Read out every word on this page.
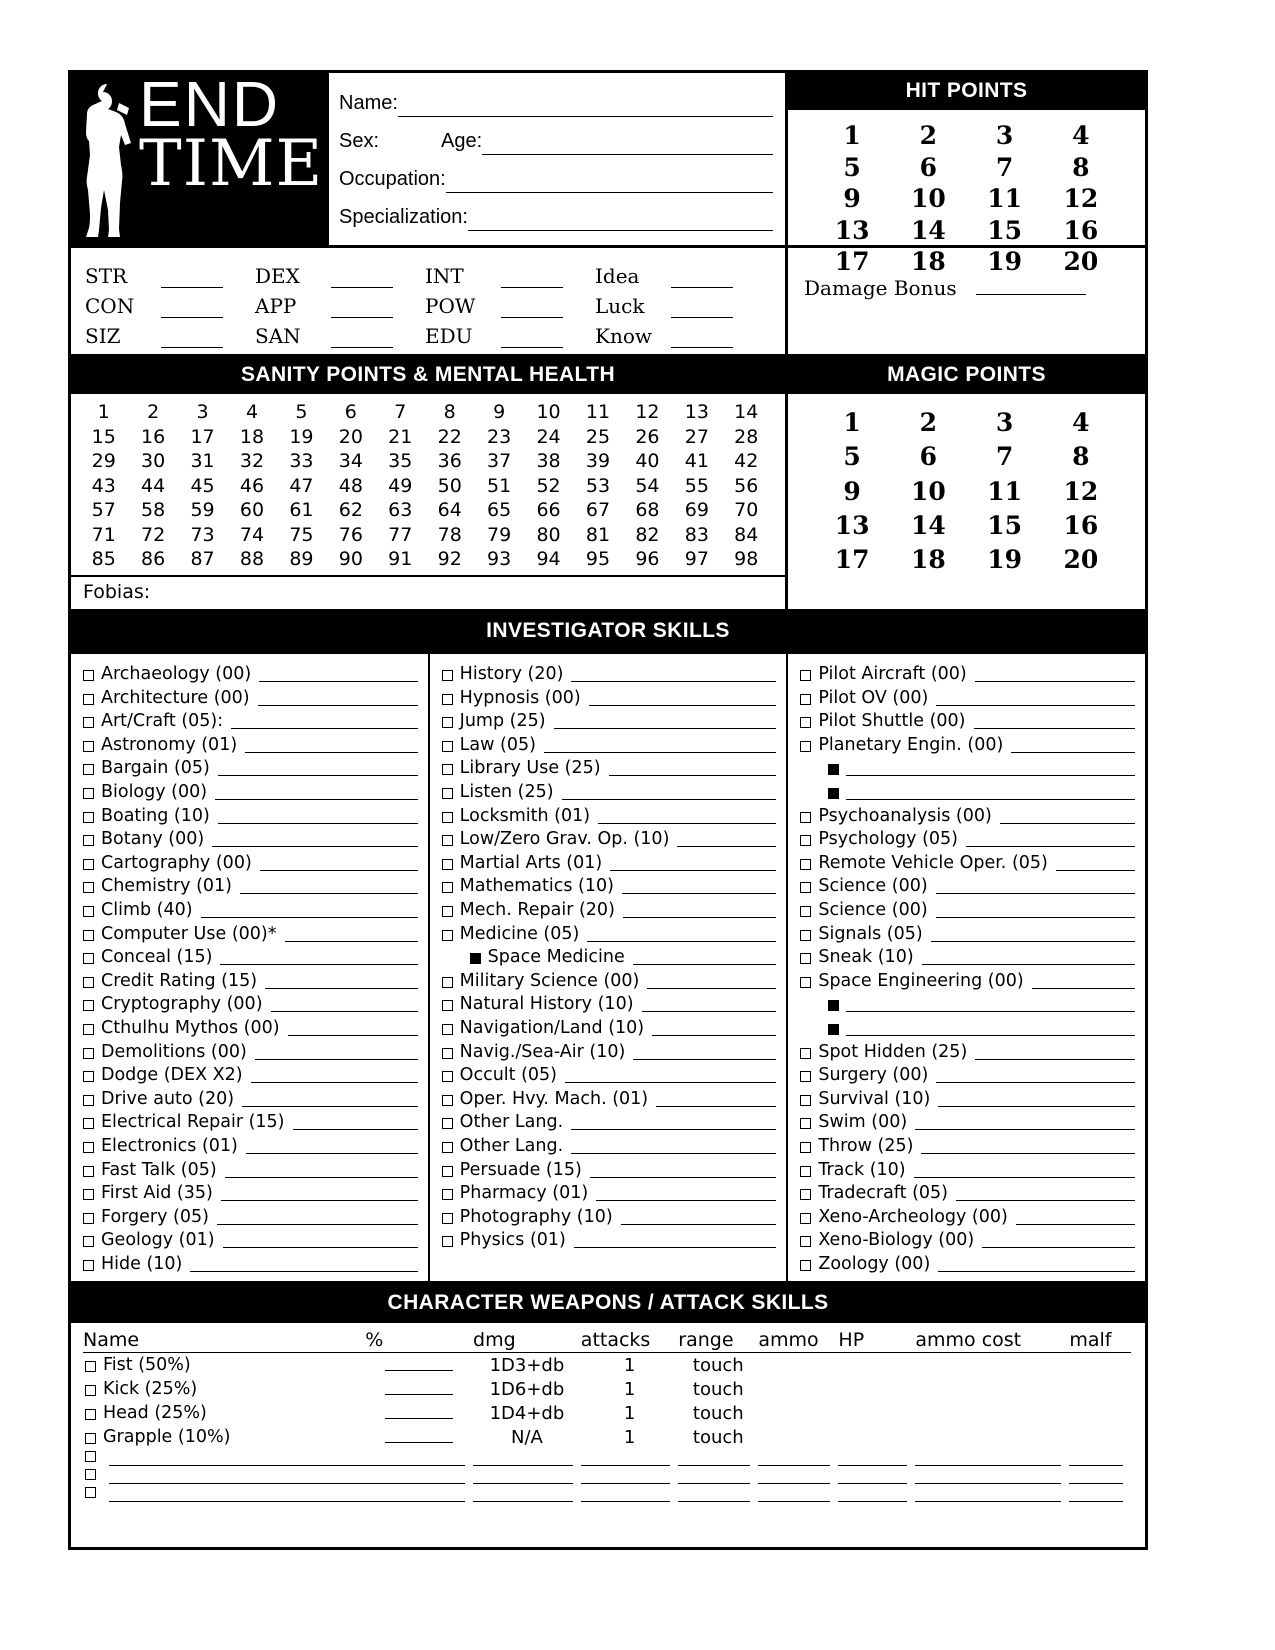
END
TIME
Name:
Sex:	Age:
Occupation:
Specialization:
HIT POINTS
1	2	3	4
5	6	7	8
9	10	11	12
13	14	15	16
17	18	19	20
STR	DEX	INT	Idea
CON	APP	POW	Luck
SIZ	SAN	EDU	Know
Damage Bonus
SANITY POINTS & MENTAL HEALTH
1	2	3	4	5	6	7	8	9	10	11	12	13	14
15	16	17	18	19	20	21	22	23	24	25	26	27	28
29	30	31	32	33	34	35	36	37	38	39	40	41	42
43	44	45	46	47	48	49	50	51	52	53	54	55	56
57	58	59	60	61	62	63	64	65	66	67	68	69	70
71	72	73	74	75	76	77	78	79	80	81	82	83	84
85	86	87	88	89	90	91	92	93	94	95	96	97	98
Fobias:
MAGIC POINTS
1	2	3	4
5	6	7	8
9	10	11	12
13	14	15	16
17	18	19	20
INVESTIGATOR SKILLS
Archaeology (00)
Architecture (00)
Art/Craft (05):
Astronomy (01)
Bargain (05)
Biology (00)
Boating (10)
Botany (00)
Cartography (00)
Chemistry (01)
Climb (40)
Computer Use (00)*
Conceal (15)
Credit Rating (15)
Cryptography (00)
Cthulhu Mythos (00)
Demolitions (00)
Dodge (DEX X2)
Drive auto (20)
Electrical Repair (15)
Electronics (01)
Fast Talk (05)
First Aid (35)
Forgery (05)
Geology (01)
Hide (10)
History (20)
Hypnosis (00)
Jump (25)
Law (05)
Library Use (25)
Listen (25)
Locksmith (01)
Low/Zero Grav. Op. (10)
Martial Arts (01)
Mathematics (10)
Mech. Repair (20)
Medicine (05)
Space Medicine
Military Science (00)
Natural History (10)
Navigation/Land (10)
Navig./Sea-Air (10)
Occult (05)
Oper. Hvy. Mach. (01)
Other Lang.
Other Lang.
Persuade (15)
Pharmacy (01)
Photography (10)
Physics (01)
Pilot Aircraft (00)
Pilot OV (00)
Pilot Shuttle (00)
Planetary Engin. (00)
Psychoanalysis (00)
Psychology (05)
Remote Vehicle Oper. (05)
Science (00)
Science (00)
Signals (05)
Sneak (10)
Space Engineering (00)
Spot Hidden (25)
Surgery (00)
Survival (10)
Swim (00)
Throw (25)
Track (10)
Tradecraft (05)
Xeno-Archeology (00)
Xeno-Biology (00)
Zoology (00)
CHARACTER WEAPONS / ATTACK SKILLS
Name	%	dmg	attacks	range	ammo	HP	ammo cost	malf

Fist (50%)		1D3+db	1	touch				

Kick (25%)		1D6+db	1	touch				

Head (25%)		1D4+db	1	touch				

Grapple (10%)		N/A	1	touch				
